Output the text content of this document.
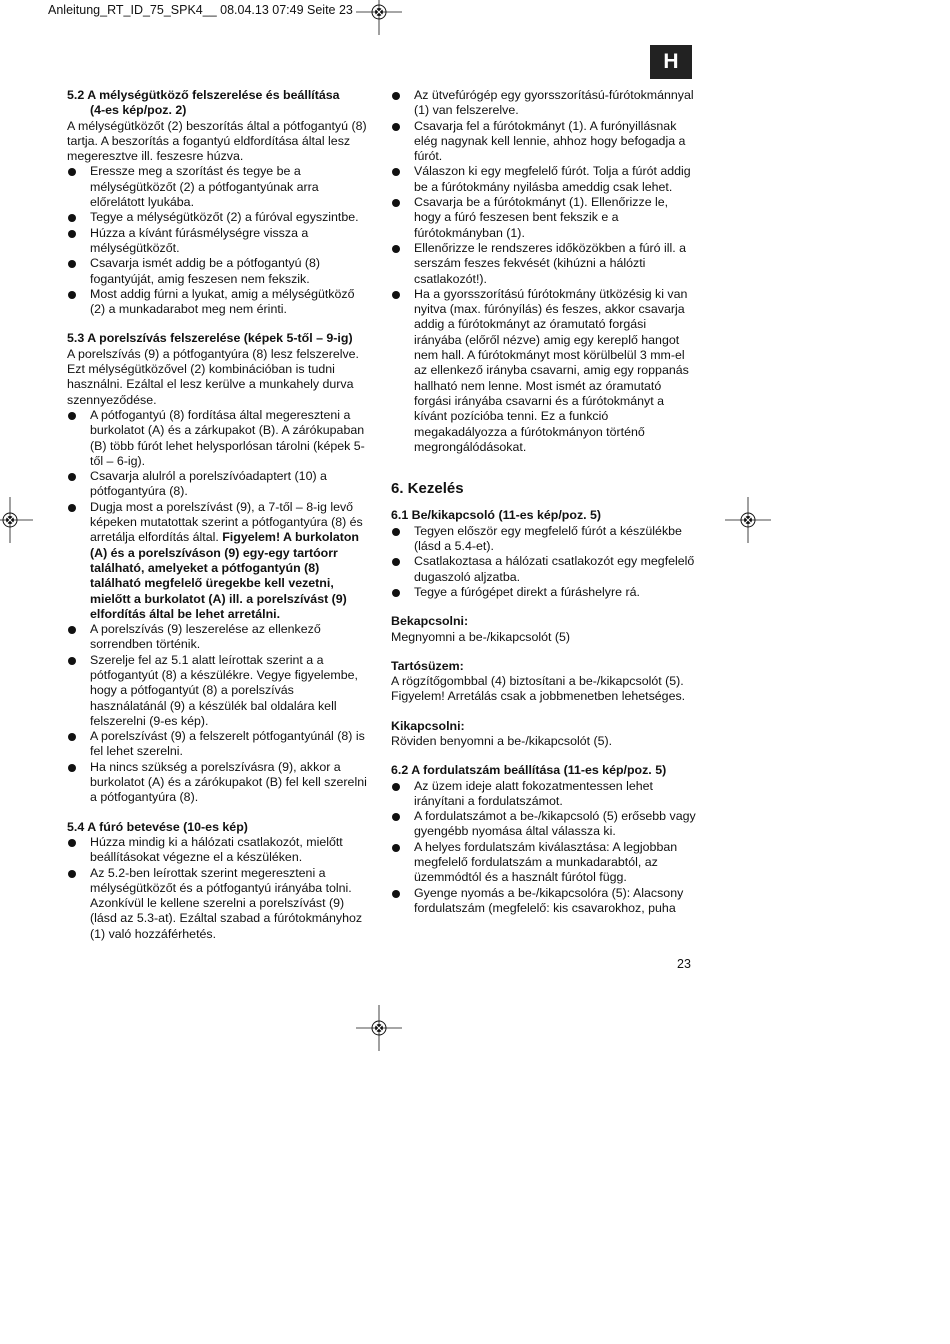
Anleitung_RT_ID_75_SPK4__ 08.04.13 07:49 Seite 23
H

5.2 A mélységütköző felszerelése és beállítása

(4-es kép/poz. 2)

A mélységütközőt (2) beszorítás által a pótfogantyú (8) tartja. A beszorítás a fogantyú eldfordítása által lesz megeresztve ill. feszesre húzva.

Eressze meg a szorítást és tegye be a mélységütközőt (2) a pótfogantyúnak arra előrelátott lyukába.

Tegye a mélységütközőt (2) a fúróval egyszintbe.

Húzza a kívánt fúrásmélységre vissza a mélységütközőt.

Csavarja ismét addig be a pótfogantyú (8) fogantyúját, amig feszesen nem fekszik.

Most addig fúrni a lyukat, amig a mélységütköző (2) a munkadarabot meg nem érinti.

5.3 A porelszívás felszerelése (képek 5-től – 9-ig)

A porelszívás (9) a pótfogantyúra (8) lesz felszerelve. Ezt mélységütközővel (2) kombinációban is tudni használni. Ezáltal el lesz kerülve a munkahely durva szennyeződése.

A pótfogantyú (8) fordítása által megereszteni a burkolatot (A) és a zárkupakot (B). A zárókupaban (B) több fúrót lehet helysporlósan tárolni (képek 5-től – 6-ig).

Csavarja alulról a porelszívóadaptert (10) a pótfogantyúra (8).

Dugja most a porelszívást (9), a 7-től – 8-ig levő képeken mutatottak szerint a pótfogantyúra (8) és arretálja elfordítás által. Figyelem! A burkolaton (A) és a porelszíváson (9) egy-egy tartóorr található, amelyeket a pótfogantyún (8) található megfelelő üregekbe kell vezetni, mielőtt a burkolatot (A) ill. a porelszívást (9) elfordítás által be lehet arretálni.

A porelszívás (9) leszerelése az ellenkező sorrendben történik.

Szerelje fel az 5.1 alatt leírottak szerint a a pótfogantyút (8) a készülékre. Vegye figyelembe, hogy a pótfogantyút (8) a porelszívás használatánál (9) a készülék bal oldalára kell felszerelni (9-es kép).

A porelszívást (9) a felszerelt pótfogantyúnál (8) is fel lehet szerelni.

Ha nincs szükség a porelszívásra (9), akkor a burkolatot (A) és a zárókupakot (B) fel kell szerelni a pótfogantyúra (8).

5.4 A fúró betevése (10-es kép)

Húzza mindig ki a hálózati csatlakozót, mielőtt beállításokat végezne el a készüléken.

Az 5.2-ben leírottak szerint megereszteni a mélységütközőt és a pótfogantyú irányába tolni. Azonkívül le kellene szerelni a porelszívást (9) (lásd az 5.3-at). Ezáltal szabad a fúrótokmányhoz (1) való hozzáférhetés.

Az ütvefúrógép egy gyorsszorítású-fúrótokmánnyal (1) van felszerelve.

Csavarja fel a fúrótokmányt (1). A furónyillásnak elég nagynak kell lennie, ahhoz hogy befogadja a fúrót.

Válaszon ki egy megfelelő fúrót. Tolja a fúrót addig be a fúrótokmány nyilásba ameddig csak lehet.

Csavarja be a fúrótokmányt (1). Ellenőrizze le, hogy a fúró feszesen bent fekszik e a fúrótokmányban (1).

Ellenőrizze le rendszeres időközökben a fúró ill. a serszám feszes fekvését (kihúzni a hálózti csatlakozót!).

Ha a gyorsszorítású fúrótokmány ütközésig ki van nyitva (max. fúrónyílás) és feszes, akkor csavarja addig a fúrótokmányt az óramutató forgási irányába (előről nézve) amig egy kereplő hangot nem hall. A fúrótokmányt most körülbelül 3 mm-el az ellenkező irányba csavarni, amig egy roppanás hallható nem lenne. Most ismét az óramutató forgási irányába csavarni és a fúrótokmányt a kívánt pozícióba tenni. Ez a funkció megakadályozza a fúrótokmányon történő megrongálódásokat.

6. Kezelés

6.1 Be/kikapcsoló (11-es kép/poz. 5)

Tegyen először egy megfelelő fúrót a készülékbe (lásd a 5.4-et).

Csatlakoztasa a hálózati csatlakozót egy megfelelő dugaszoló aljzatba.

Tegye a fúrógépet direkt a fúráshelyre rá.

Bekapcsolni:

Megnyomni a be-/kikapcsolót (5)

Tartósüzem:

A rögzítőgombbal (4) biztosítani a be-/kikapcsolót (5). Figyelem! Arretálás csak a jobbmenetben lehetséges.

Kikapcsolni:

Röviden benyomni a be-/kikapcsolót (5).

6.2 A fordulatszám beállítása (11-es kép/poz. 5)

Az üzem ideje alatt fokozatmentessen lehet irányítani a fordulatszámot.

A fordulatszámot a be-/kikapcsoló (5) erősebb vagy gyengébb nyomása által válassza ki.

A helyes fordulatszám kiválasztása: A legjobban megfelelő fordulatszám a munkadarabtól, az üzemmódtól és a használt fúrótol függ.

Gyenge nyomás a be-/kikapcsolóra (5): Alacsony fordulatszám (megfelelő: kis csavarokhoz, puha

23
